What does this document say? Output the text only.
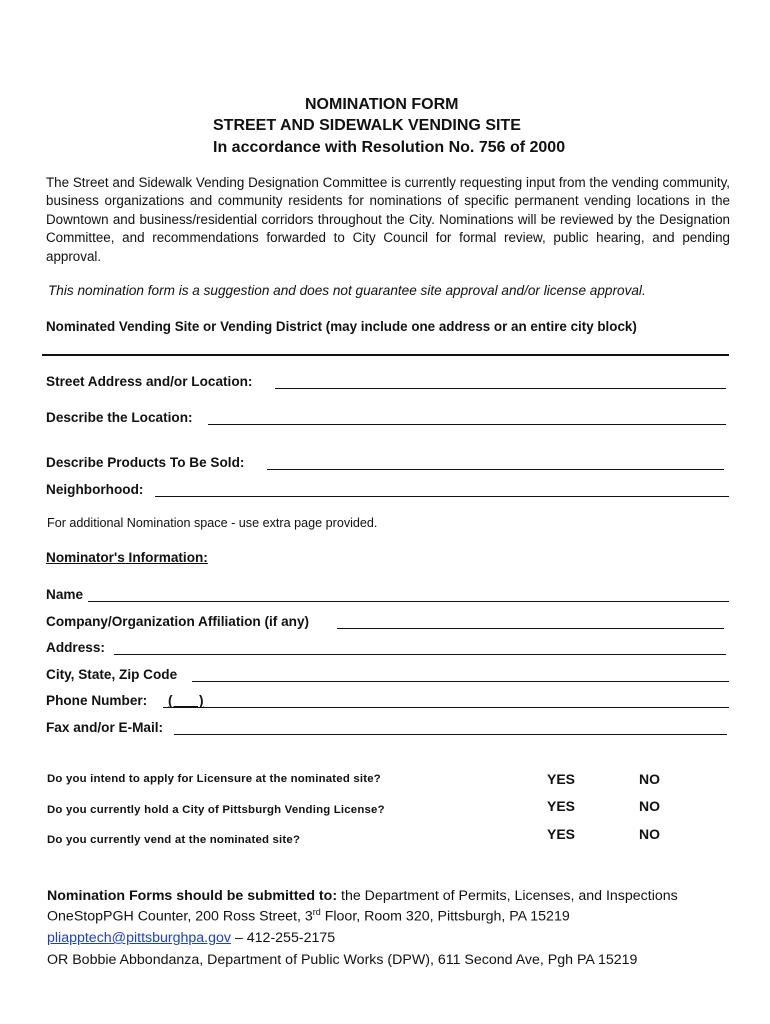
NOMINATION FORM
STREET AND SIDEWALK VENDING SITE
In accordance with Resolution No. 756 of 2000
The Street and Sidewalk Vending Designation Committee is currently requesting input from the vending community, business organizations and community residents for nominations of specific permanent vending locations in the Downtown and business/residential corridors throughout the City. Nominations will be reviewed by the Designation Committee, and recommendations forwarded to City Council for formal review, public hearing, and pending approval.
This nomination form is a suggestion and does not guarantee site approval and/or license approval.
Nominated Vending Site or Vending District (may include one address or an entire city block)
Street Address and/or Location:
Describe the Location:
Describe Products To Be Sold:
Neighborhood:
For additional Nomination space - use extra page provided.
Nominator's Information:
Name
Company/Organization Affiliation (if any)
Address:
City, State, Zip Code
Phone Number: (       )
Fax and/or E-Mail:
Do you intend to apply for Licensure at the nominated site?	YES	NO
Do you currently hold a City of Pittsburgh Vending License?	YES	NO
Do you currently vend at the nominated site?	YES	NO
Nomination Forms should be submitted to: the Department of Permits, Licenses, and Inspections
OneStopPGH Counter, 200 Ross Street, 3rd Floor, Room 320, Pittsburgh, PA 15219
pliapptech@pittsburghpa.gov – 412-255-2175
OR Bobbie Abbondanza, Department of Public Works (DPW), 611 Second Ave, Pgh PA 15219
